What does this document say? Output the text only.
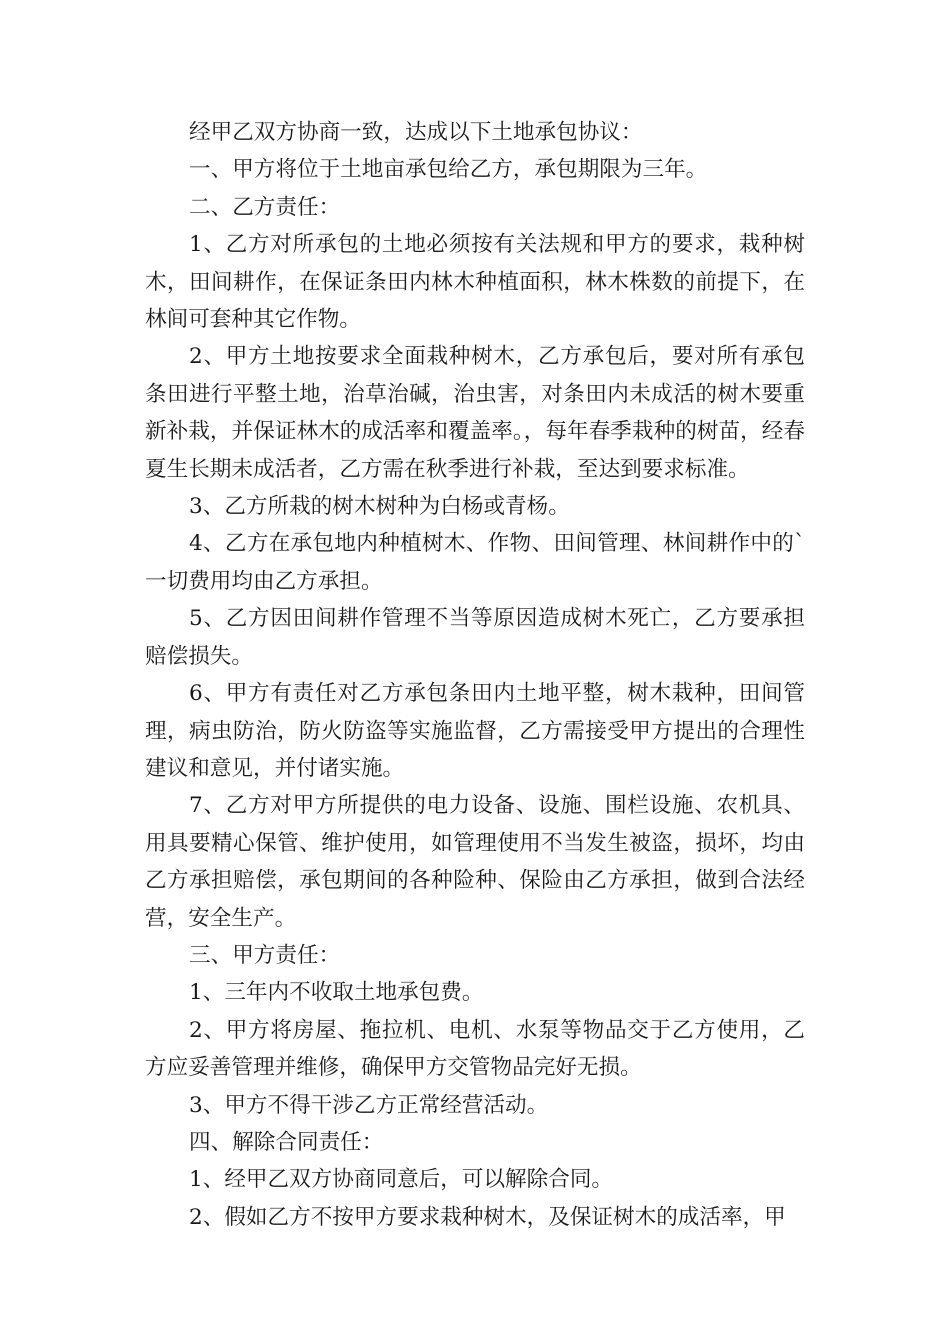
经甲乙双方协商一致，达成以下土地承包协议：

一、甲方将位于土地亩承包给乙方，承包期限为三年。

二、乙方责任：

1、乙方对所承包的土地必须按有关法规和甲方的要求，栽种树木，田间耕作，在保证条田内林木种植面积，林木株数的前提下，在林间可套种其它作物。

2、甲方土地按要求全面栽种树木，乙方承包后，要对所有承包条田进行平整土地，治草治碱，治虫害，对条田内未成活的树木要重新补栽，并保证林木的成活率和覆盖率。，每年春季栽种的树苗，经春夏生长期未成活者，乙方需在秋季进行补栽，至达到要求标准。

3、乙方所栽的树木树种为白杨或青杨。

4、乙方在承包地内种植树木、作物、田间管理、林间耕作中的`一切费用均由乙方承担。

5、乙方因田间耕作管理不当等原因造成树木死亡，乙方要承担赔偿损失。

6、甲方有责任对乙方承包条田内土地平整，树木栽种，田间管理，病虫防治，防火防盗等实施监督，乙方需接受甲方提出的合理性建议和意见，并付诸实施。

7、乙方对甲方所提供的电力设备、设施、围栏设施、农机具、用具要精心保管、维护使用，如管理使用不当发生被盗，损坏，均由乙方承担赔偿，承包期间的各种险种、保险由乙方承担，做到合法经营，安全生产。

三、甲方责任：

1、三年内不收取土地承包费。

2、甲方将房屋、拖拉机、电机、水泵等物品交于乙方使用，乙方应妥善管理并维修，确保甲方交管物品完好无损。

3、甲方不得干涉乙方正常经营活动。

四、解除合同责任：

1、经甲乙双方协商同意后，可以解除合同。

2、假如乙方不按甲方要求栽种树木，及保证树木的成活率，甲
